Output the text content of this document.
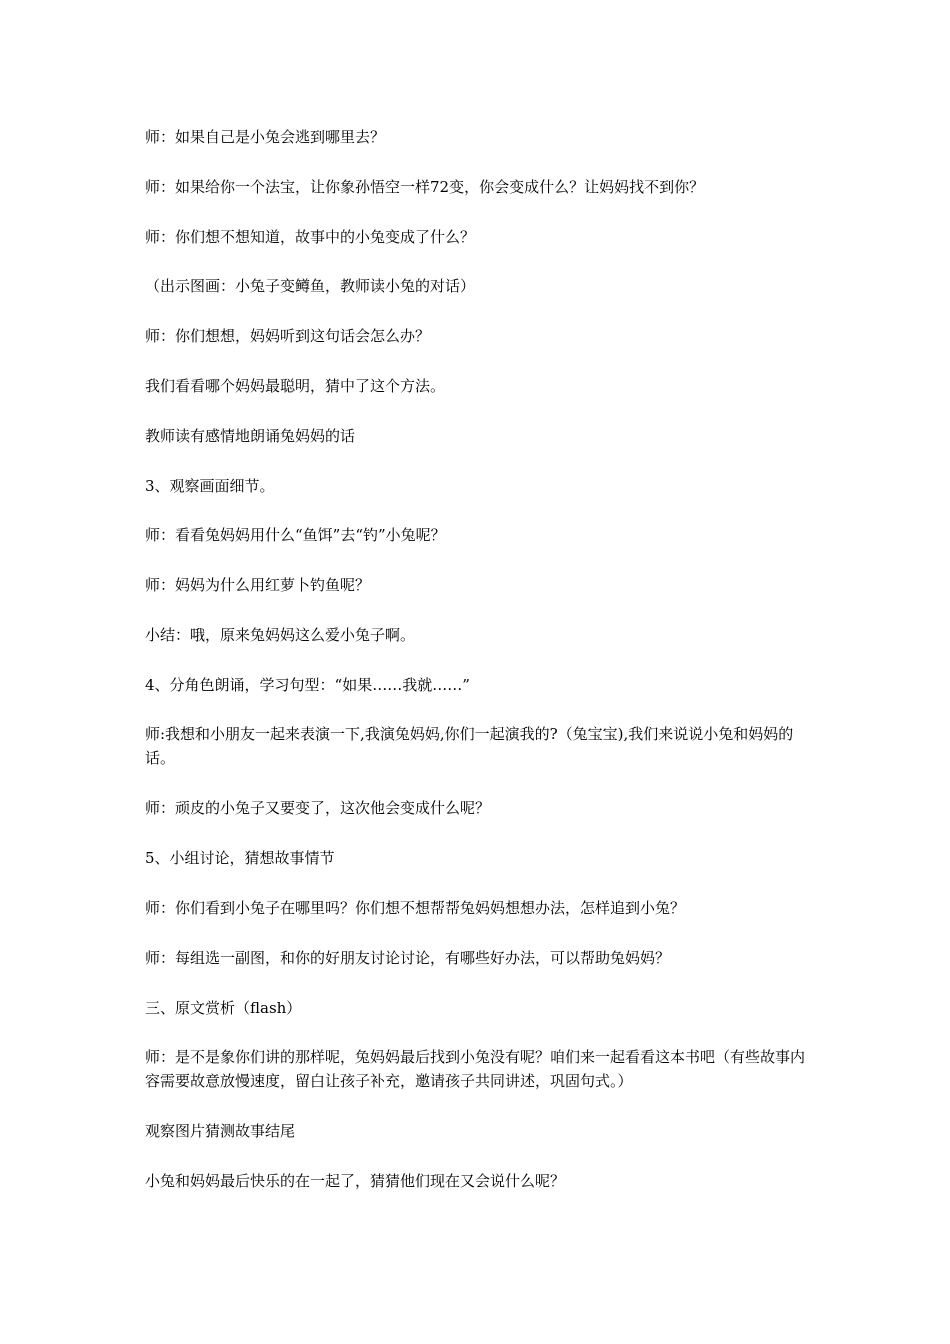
师：如果自己是小兔会逃到哪里去？

师：如果给你一个法宝，让你象孙悟空一样72变，你会变成什么？让妈妈找不到你？

师：你们想不想知道，故事中的小兔变成了什么？

（出示图画：小兔子变鳟鱼，教师读小兔的对话）

师：你们想想，妈妈听到这句话会怎么办？

我们看看哪个妈妈最聪明，猜中了这个方法。

教师读有感情地朗诵兔妈妈的话

3、观察画面细节。

师：看看兔妈妈用什么“鱼饵”去“钓”小兔呢？

师：妈妈为什么用红萝卜钓鱼呢？

小结：哦，原来兔妈妈这么爱小兔子啊。

4、分角色朗诵，学习句型：“如果……我就……”

师:我想和小朋友一起来表演一下,我演兔妈妈,你们一起演我的?（兔宝宝),我们来说说小兔和妈妈的话。

师：顽皮的小兔子又要变了，这次他会变成什么呢？

5、小组讨论，猜想故事情节

师：你们看到小兔子在哪里吗？你们想不想帮帮兔妈妈想想办法，怎样追到小兔？

师：每组选一副图，和你的好朋友讨论讨论，有哪些好办法，可以帮助兔妈妈？

三、原文赏析（flash）

师：是不是象你们讲的那样呢，兔妈妈最后找到小兔没有呢？咱们来一起看看这本书吧（有些故事内容需要故意放慢速度，留白让孩子补充，邀请孩子共同讲述，巩固句式。）

观察图片猜测故事结尾

小兔和妈妈最后快乐的在一起了，猜猜他们现在又会说什么呢？
